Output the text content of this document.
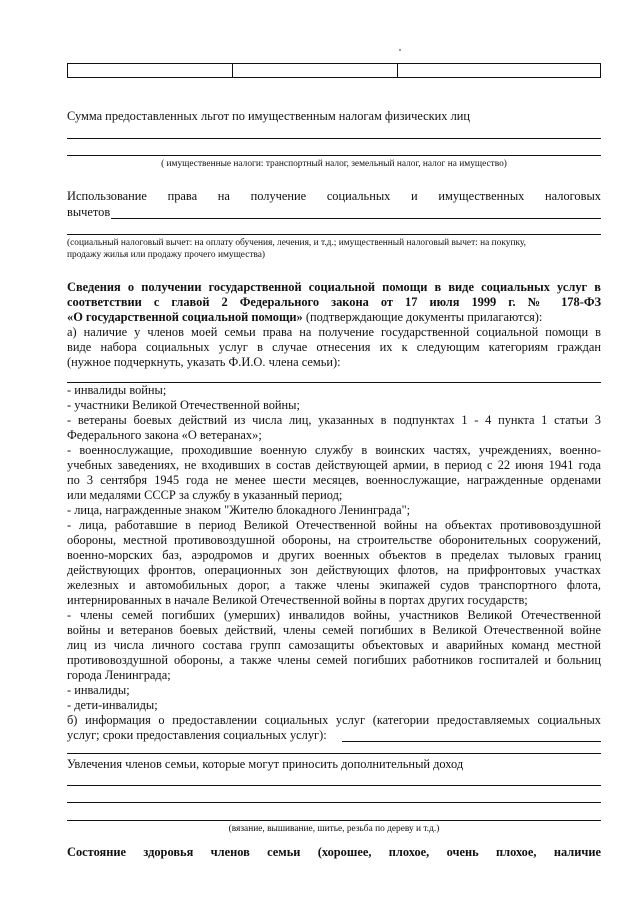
Сумма предоставленных льгот по имущественным налогам физических лиц
( имущественные налоги: транспортный налог, земельный налог, налог на имущество)
Использование права на получение социальных и имущественных налоговых
вычетов
(социальный налоговый вычет: на оплату обучения, лечения, и т.д.; имущественный налоговый вычет: на покупку,
продажу жилья или продажу прочего имущества)
Сведения о получении государственной социальной помощи в виде социальных услуг в
соответствии с главой 2 Федерального закона от 17 июля 1999 г. № 178-ФЗ
«О государственной социальной помощи» (подтверждающие документы прилагаются):
а) наличие у членов моей семьи права на получение государственной социальной помощи в
виде набора социальных услуг в случае отнесения их к следующим категориям граждан
(нужное подчеркнуть, указать Ф.И.О. члена семьи):
- инвалиды войны;
- участники Великой Отечественной войны;
- ветераны боевых действий из числа лиц, указанных в подпунктах 1 - 4 пункта 1 статьи 3
Федерального закона «О ветеранах»;
- военнослужащие, проходившие военную службу в воинских частях, учреждениях, военно-
учебных заведениях, не входивших в состав действующей армии, в период с 22 июня 1941 года
по 3 сентября 1945 года не менее шести месяцев, военнослужащие, награжденные орденами
или медалями СССР за службу в указанный период;
- лица, награжденные знаком "Жителю блокадного Ленинграда";
- лица, работавшие в период Великой Отечественной войны на объектах противовоздушной
обороны, местной противовоздушной обороны, на строительстве оборонительных сооружений,
военно-морских баз, аэродромов и других военных объектов в пределах тыловых границ
действующих фронтов, операционных зон действующих флотов, на прифронтовых участках
железных и автомобильных дорог, а также члены экипажей судов транспортного флота,
интернированных в начале Великой Отечественной войны в портах других государств;
- члены семей погибших (умерших) инвалидов войны, участников Великой Отечественной
войны и ветеранов боевых действий, члены семей погибших в Великой Отечественной войне
лиц из числа личного состава групп самозащиты объектовых и аварийных команд местной
противовоздушной обороны, а также члены семей погибших работников госпиталей и больниц
города Ленинграда;
- инвалиды;
- дети-инвалиды;
б) информация о предоставлении социальных услуг (категории предоставляемых социальных
услуг; сроки предоставления социальных услуг):
Увлечения членов семьи, которые могут приносить дополнительный доход
(вязание, вышивание, шитье, резьба по дереву и т.д.)
Состояние здоровья членов семьи (хорошее, плохое, очень плохое, наличие
